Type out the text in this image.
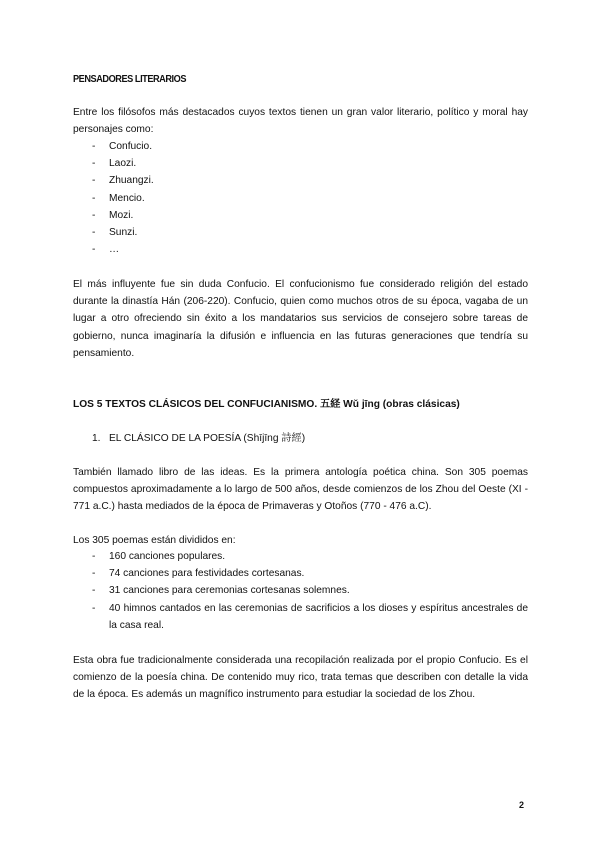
PENSADORES LITERARIOS
Entre los filósofos más destacados cuyos textos tienen un gran valor literario, político y moral hay personajes como:
- Confucio.
- Laozi.
- Zhuangzi.
- Mencio.
- Mozi.
- Sunzi.
- …
El más influyente fue sin duda Confucio. El confucionismo fue considerado religión del estado durante la dinastía Hán (206-220). Confucio, quien como muchos otros de su época, vagaba de un lugar a otro ofreciendo sin éxito a los mandatarios sus servicios de consejero sobre tareas de gobierno, nunca imaginaría la difusión e influencia en las futuras generaciones que tendría su pensamiento.
LOS 5 TEXTOS CLÁSICOS DEL CONFUCIANISMO. 五経 Wǔ jīng (obras clásicas)
1. EL CLÁSICO DE LA POESÍA (Shījīng 詩經)
También llamado libro de las ideas. Es la primera antología poética china. Son 305 poemas compuestos aproximadamente a lo largo de 500 años, desde comienzos de los Zhou del Oeste (XI - 771 a.C.) hasta mediados de la época de Primaveras y Otoños (770 - 476 a.C).
Los 305 poemas están divididos en:
- 160 canciones populares.
- 74 canciones para festividades cortesanas.
- 31 canciones para ceremonias cortesanas solemnes.
- 40 himnos cantados en las ceremonias de sacrificios a los dioses y espíritus ancestrales de la casa real.
Esta obra fue tradicionalmente considerada una recopilación realizada por el propio Confucio. Es el comienzo de la poesía china. De contenido muy rico, trata temas que describen con detalle la vida de la época. Es además un magnífico instrumento para estudiar la sociedad de los Zhou.
2
